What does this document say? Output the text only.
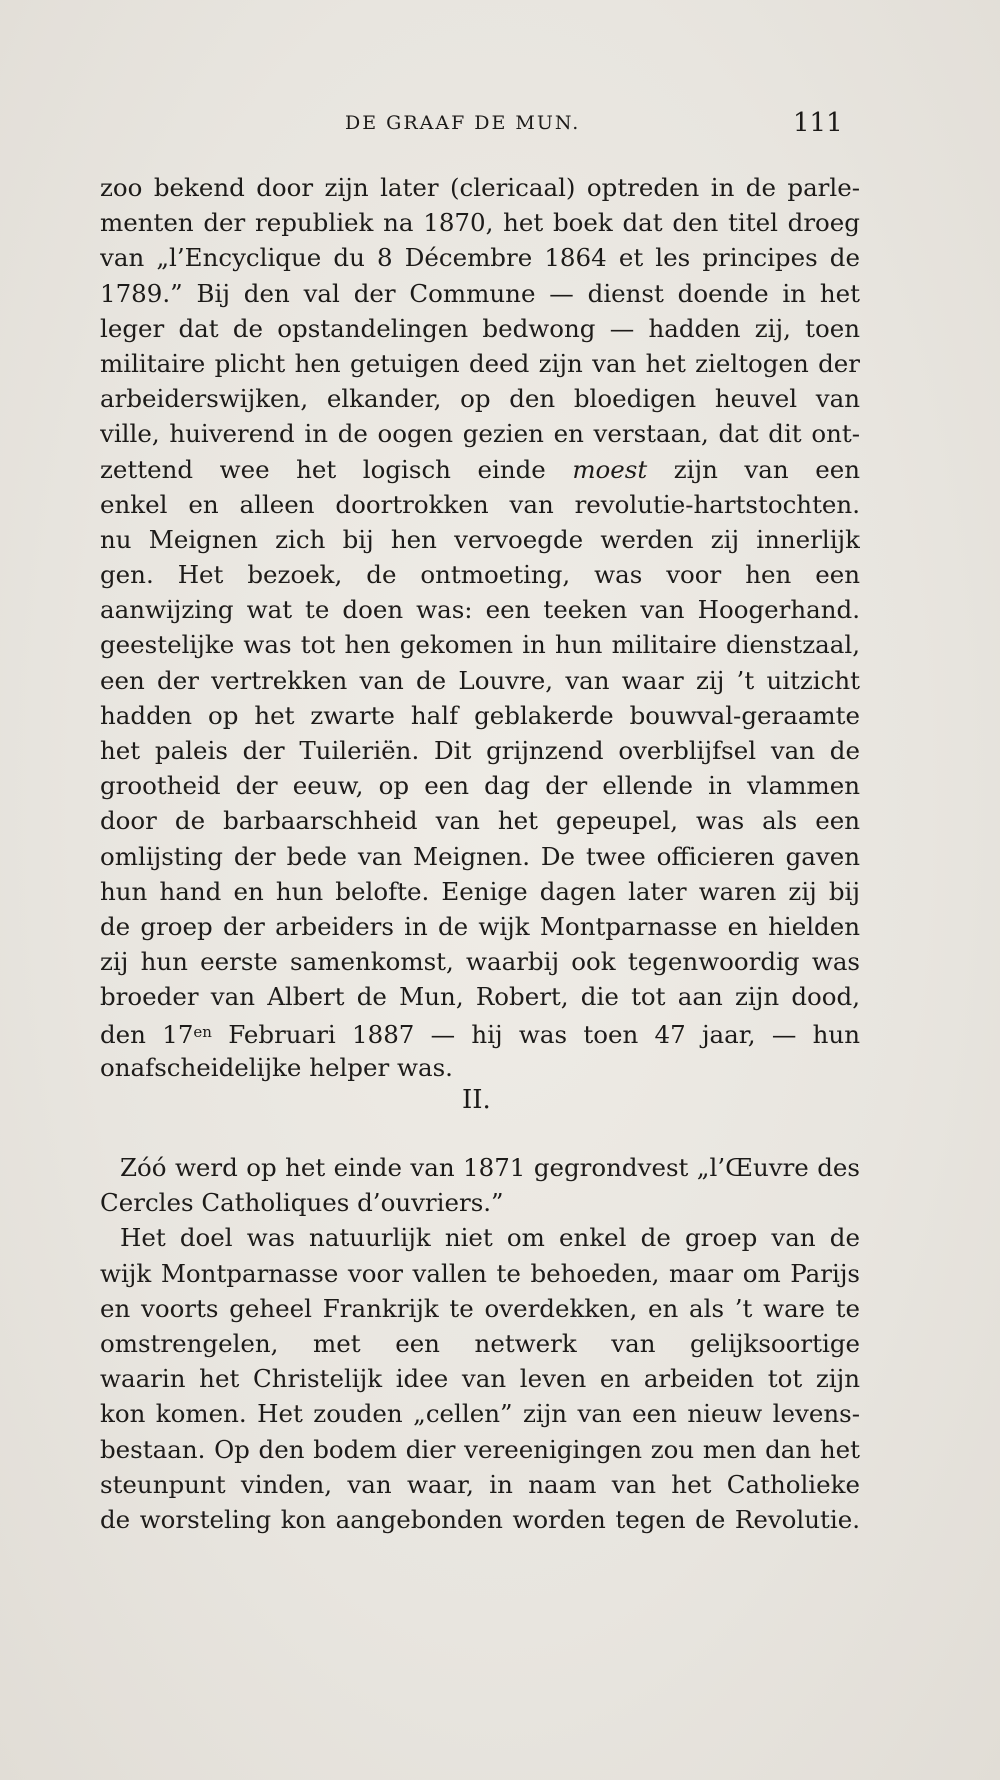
DE GRAAF DE MUN.	111
zoo bekend door zijn later (clericaal) optreden in de parle-
menten der republiek na 1870, het boek dat den titel droeg
van „l’Encyclique du 8 Décembre 1864 et les principes de
1789.” Bij den val der Commune — dienst doende in het
leger dat de opstandelingen bedwong — hadden zij, toen
militaire plicht hen getuigen deed zijn van het zieltogen der
arbeiderswijken, elkander, op den bloedigen heuvel van
ville, huiverend in de oogen gezien en verstaan, dat dit ont-
zettend wee het logisch einde moest zijn van een
enkel en alleen doortrokken van revolutie-hartstochten.
nu Meignen zich bij hen vervoegde werden zij innerlijk
gen. Het bezoek, de ontmoeting, was voor hen een
aanwijzing wat te doen was: een teeken van Hoogerhand.
geestelijke was tot hen gekomen in hun militaire dienstzaal,
een der vertrekken van de Louvre, van waar zij ’t uitzicht
hadden op het zwarte half geblakerde bouwval-geraamte
het paleis der Tuileriën. Dit grijnzend overblijfsel van de
grootheid der eeuw, op een dag der ellende in vlammen
door de barbaarschheid van het gepeupel, was als een
omlijsting der bede van Meignen. De twee officieren gaven
hun hand en hun belofte. Eenige dagen later waren zij bij
de groep der arbeiders in de wijk Montparnasse en hielden
zij hun eerste samenkomst, waarbij ook tegenwoordig was
broeder van Albert de Mun, Robert, die tot aan zijn dood,
den $17^{en}$ Februari 1887 — hij was toen 47 jaar, — hun
onafscheidelijke helper was.
II.
Zóó werd op het einde van 1871 gegrondvest „l’Œuvre des
Cercles Catholiques d’ouvriers.”
Het doel was natuurlijk niet om enkel de groep van de
wijk Montparnasse voor vallen te behoeden, maar om Parijs
en voorts geheel Frankrijk te overdekken, en als ’t ware te
omstrengelen, met een netwerk van gelijksoortige
waarin het Christelijk idee van leven en arbeiden tot zijn
kon komen. Het zouden „cellen” zijn van een nieuw levens-
bestaan. Op den bodem dier vereenigingen zou men dan het
steunpunt vinden, van waar, in naam van het Catholieke
de worsteling kon aangebonden worden tegen de Revolutie.
